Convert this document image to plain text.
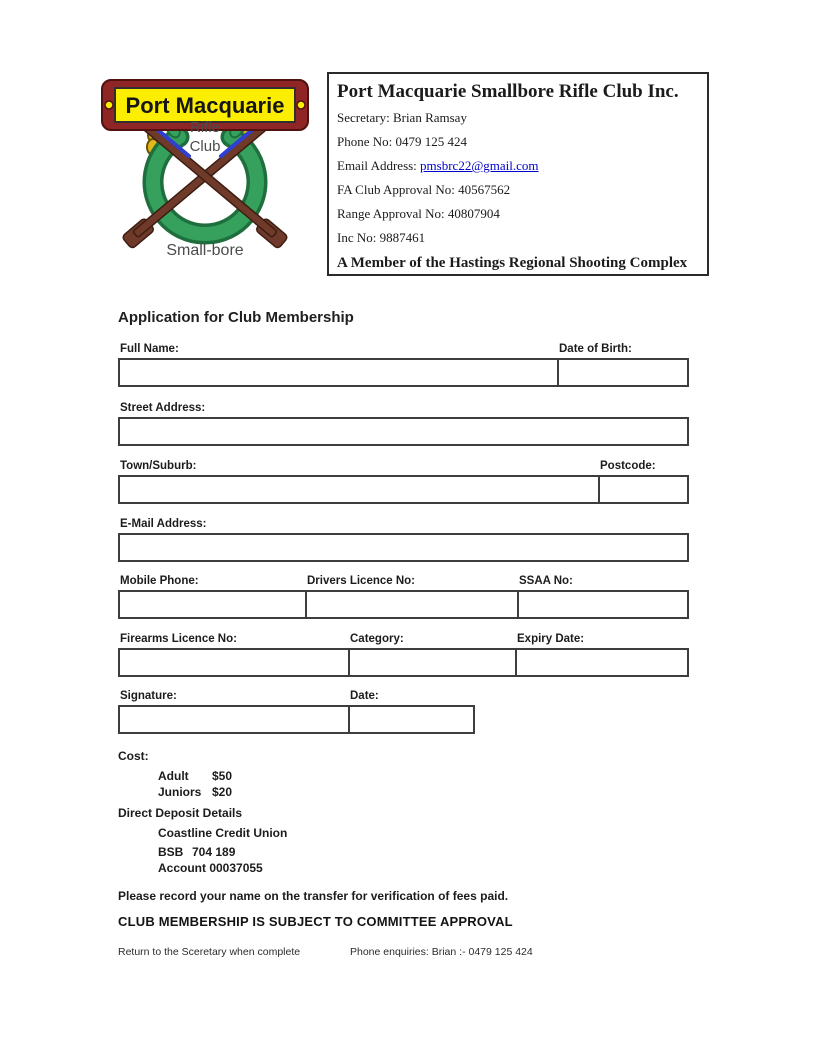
Port Macquarie
Rifle
Club
Small-bore
Port Macquarie Smallbore Rifle Club Inc.
Secretary: Brian Ramsay
Phone No: 0479 125 424
Email Address: pmsbrc22@gmail.com
FA Club Approval No: 40567562
Range Approval No: 40807904
Inc No: 9887461
A Member of the Hastings Regional Shooting Complex
Application for Club Membership
Full Name:	Date of Birth:
Street Address:
Town/Suburb:	Postcode:
E-Mail Address:
Mobile Phone:	Drivers Licence No:	SSAA No:
Firearms Licence No:	Category:	Expiry Date:
Signature:	Date:
Cost:
Adult $50
Juniors $20
Direct Deposit Details
Coastline Credit Union
BSB 704 189
Account 00037055
Please record your name on the transfer for verification of fees paid.
CLUB MEMBERSHIP IS SUBJECT TO COMMITTEE APPROVAL
Return to the Sceretary when complete	Phone enquiries: Brian :- 0479 125 424
